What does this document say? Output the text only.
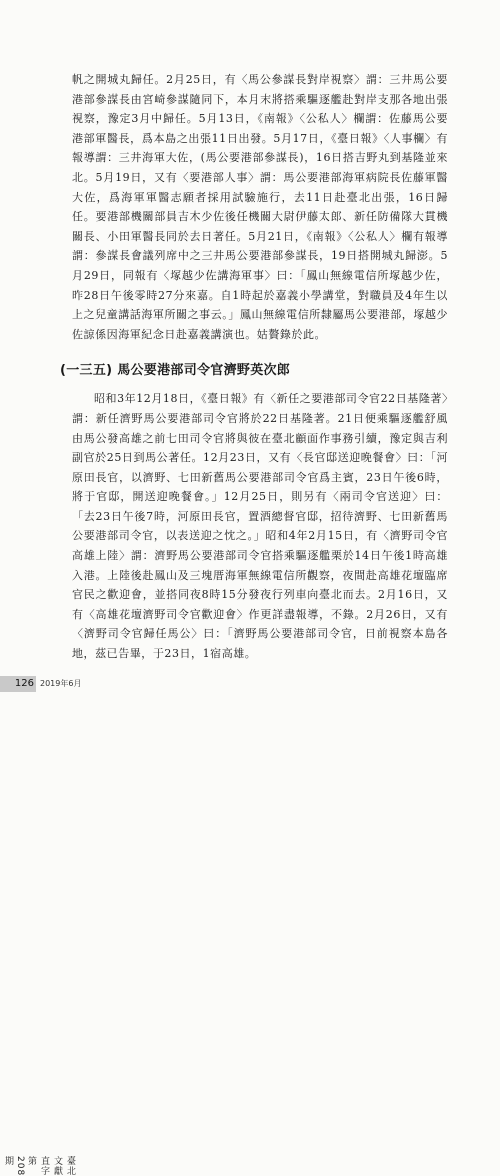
帆之開城丸歸任。2月25日，有〈馬公參謀長對岸視察〉謂：三井馬公要港部參謀長由宮崎參謀隨同下，本月末將搭乘驅逐艦赴對岸支那各地出張視察，豫定3月中歸任。5月13日，《南報》〈公私人〉欄謂：佐藤馬公要港部軍醫長，爲本島之出張11日出發。5月17日，《臺日報》〈人事欄〉有報導謂：三井海軍大佐，(馬公要港部參謀長)，16日搭吉野丸到基隆並來北。5月19日，又有〈要港部人事〉謂：馬公要港部海軍病院長佐藤軍醫大佐，爲海軍軍醫志願者採用試驗施行，去11日赴臺北出張，16日歸任。要港部機關部員吉木少佐後任機關大尉伊藤太郎、新任防備隊大貫機關長、小田軍醫長同於去日著任。5月21日，《南報》〈公私人〉欄有報導謂：參謀長會議列席中之三井馬公要港部參謀長，19日搭開城丸歸澎。5月29日，同報有〈塚越少佐講海軍事〉曰：「鳳山無線電信所塚越少佐，昨28日午後零時27分來嘉。自1時起於嘉義小學講堂，對職員及4年生以上之兒童講話海軍所關之事云。」鳳山無線電信所隸屬馬公要港部，塚越少佐諒係因海軍紀念日赴嘉義講演也。姑贅錄於此。

(一三五) 馬公要港部司令官濟野英次郎

昭和3年12月18日，《臺日報》有〈新任之要港部司令官22日基隆著〉謂：新任濟野馬公要港部司令官將於22日基隆著。21日便乘驅逐艦舒風由馬公發高雄之前七田司令官將與彼在臺北顧面作事務引續，豫定與吉利副官於25日到馬公著任。12月23日，又有〈長官邸送迎晚餐會〉曰：「河原田長官，以濟野、七田新舊馬公要港部司令官爲主賓，23日午後6時，將于官邸，開送迎晚餐會。」12月25日，則另有〈兩司令官送迎〉曰：「去23日午後7時，河原田長官，置酒總督官邸，招待濟野、七田新舊馬公要港部司令官，以表送迎之忱之。」昭和4年2月15日，有〈濟野司令官高雄上陸〉謂：濟野馬公要港部司令官搭乘驅逐艦栗於14日午後1時高雄入港。上陸後赴鳳山及三塊厝海軍無線電信所觀察，夜間赴高雄花壇臨席官民之歡迎會，並搭同夜8時15分發夜行列車向臺北而去。2月16日，又有〈高雄花壇濟野司令官歡迎會〉作更詳盡報導，不錄。2月26日，又有〈濟野司令官歸任馬公〉曰：「濟野馬公要港部司令官，日前視察本島各地，茲已告畢，于23日，1宿高雄。

臺北文獻 直字第208期
126 2019年6月
